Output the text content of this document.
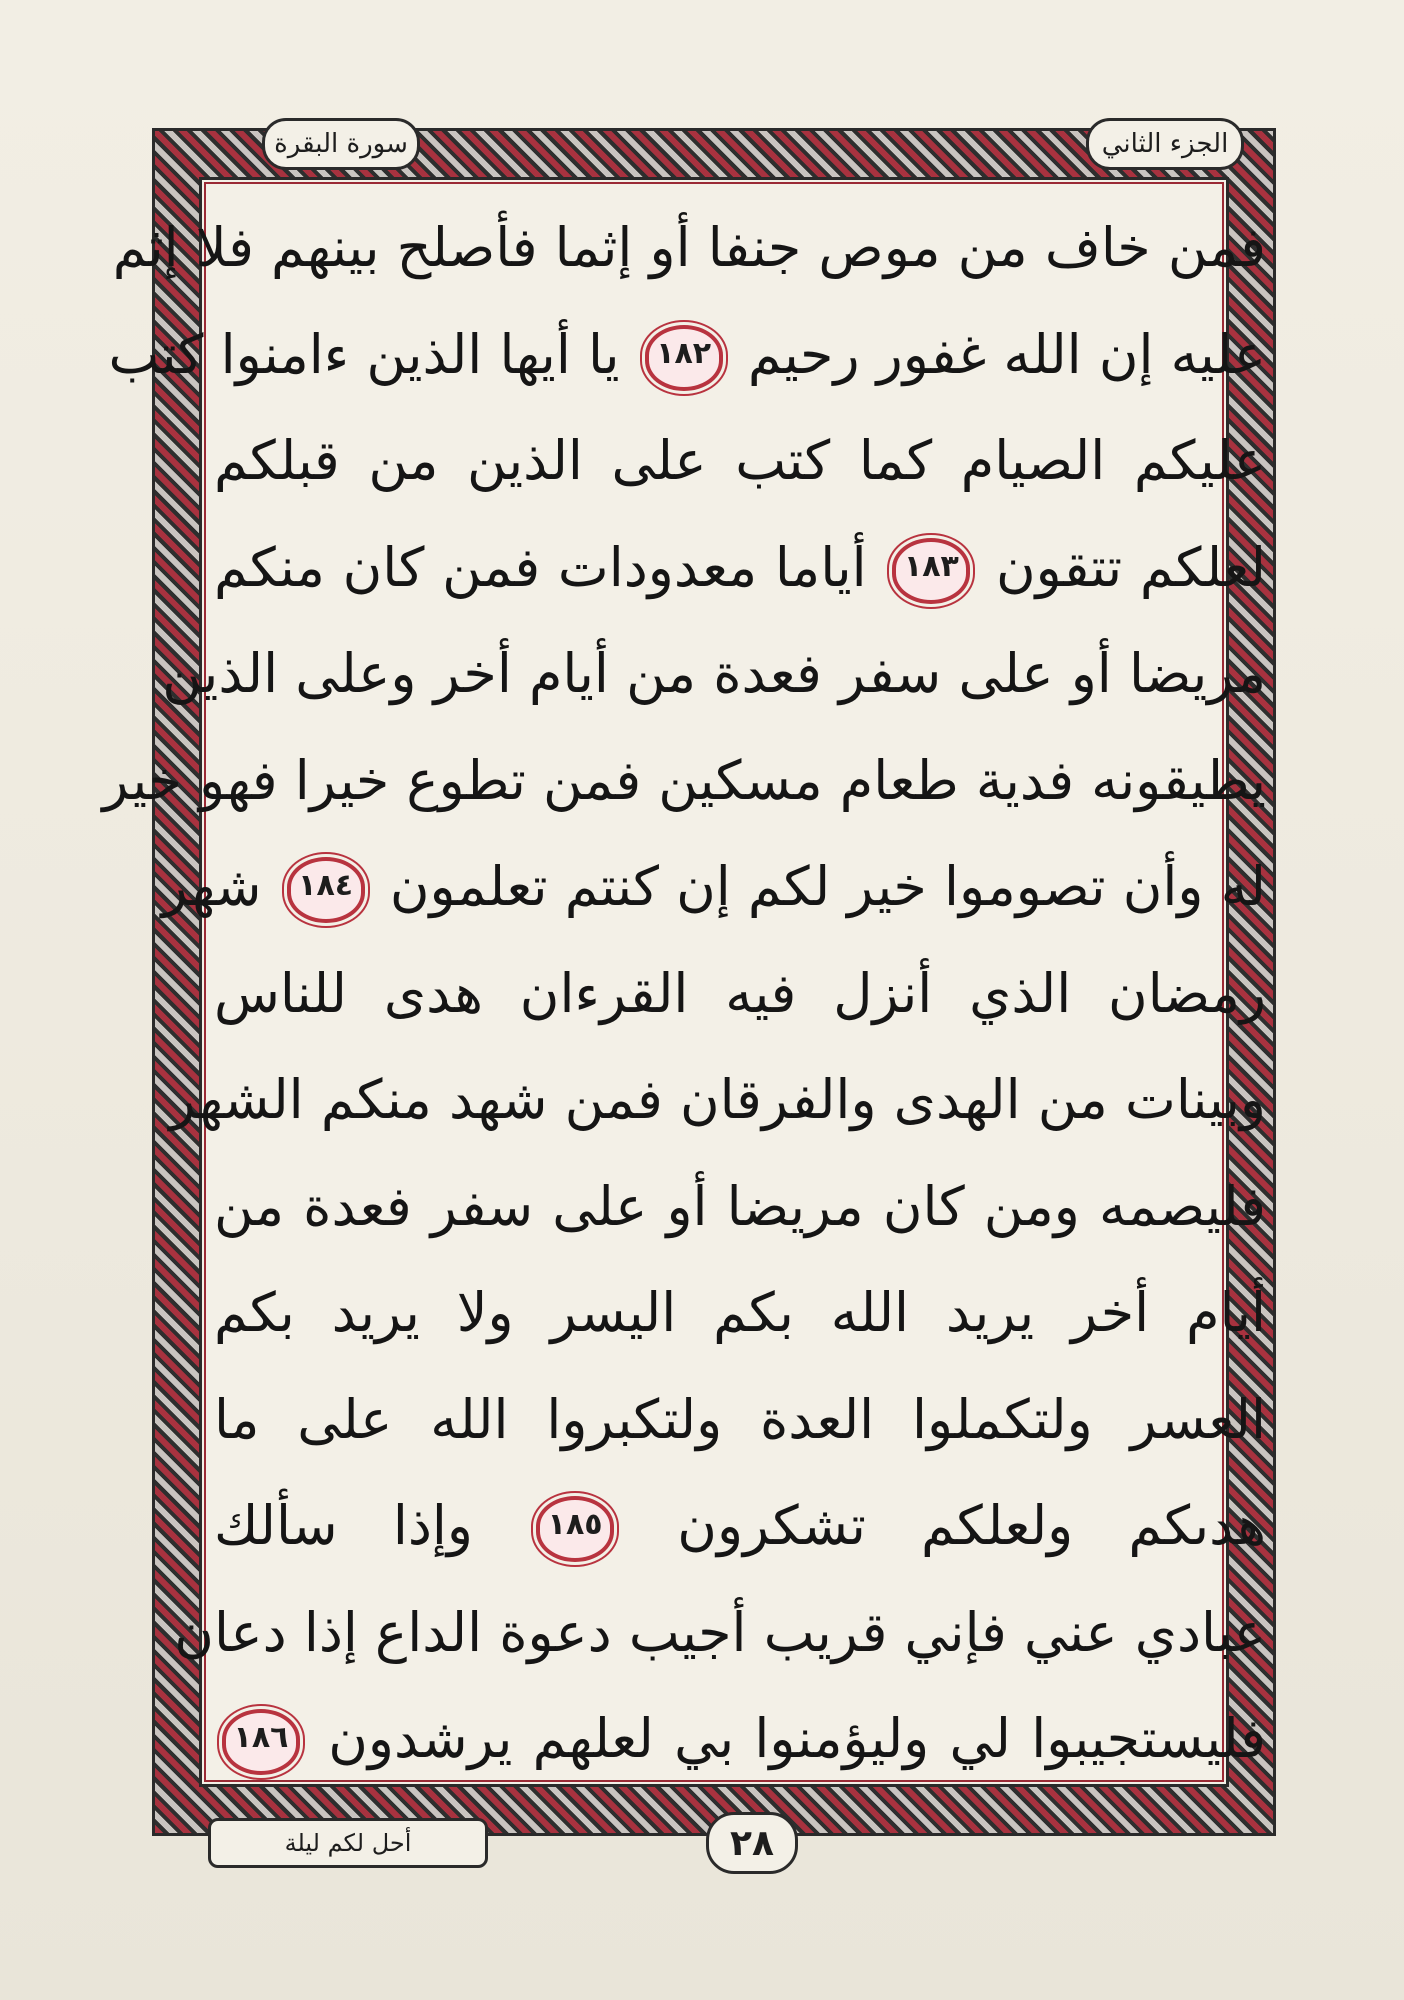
الجزء الثاني
سورة البقرة
فمن خاف من موص جنفا أو إثما فأصلح بينهم فلا إثم
عليه إن الله غفور رحيم ١٨٢ يا أيها الذين ءامنوا كتب
عليكم الصيام كما كتب على الذين من قبلكم
لعلكم تتقون ١٨٣ أياما معدودات فمن كان منكم
مريضا أو على سفر فعدة من أيام أخر وعلى الذين
يطيقونه فدية طعام مسكين فمن تطوع خيرا فهو خير
له وأن تصوموا خير لكم إن كنتم تعلمون ١٨٤ شهر
رمضان الذي أنزل فيه القرءان هدى للناس
وبينات من الهدى والفرقان فمن شهد منكم الشهر
فليصمه ومن كان مريضا أو على سفر فعدة من
أيام أخر يريد الله بكم اليسر ولا يريد بكم
العسر ولتكملوا العدة ولتكبروا الله على ما
هدىكم ولعلكم تشكرون ١٨٥ وإذا سألك
عبادي عني فإني قريب أجيب دعوة الداع إذا دعان
فليستجيبوا لي وليؤمنوا بي لعلهم يرشدون ١٨٦
أحل لكم ليلة	٢٨
